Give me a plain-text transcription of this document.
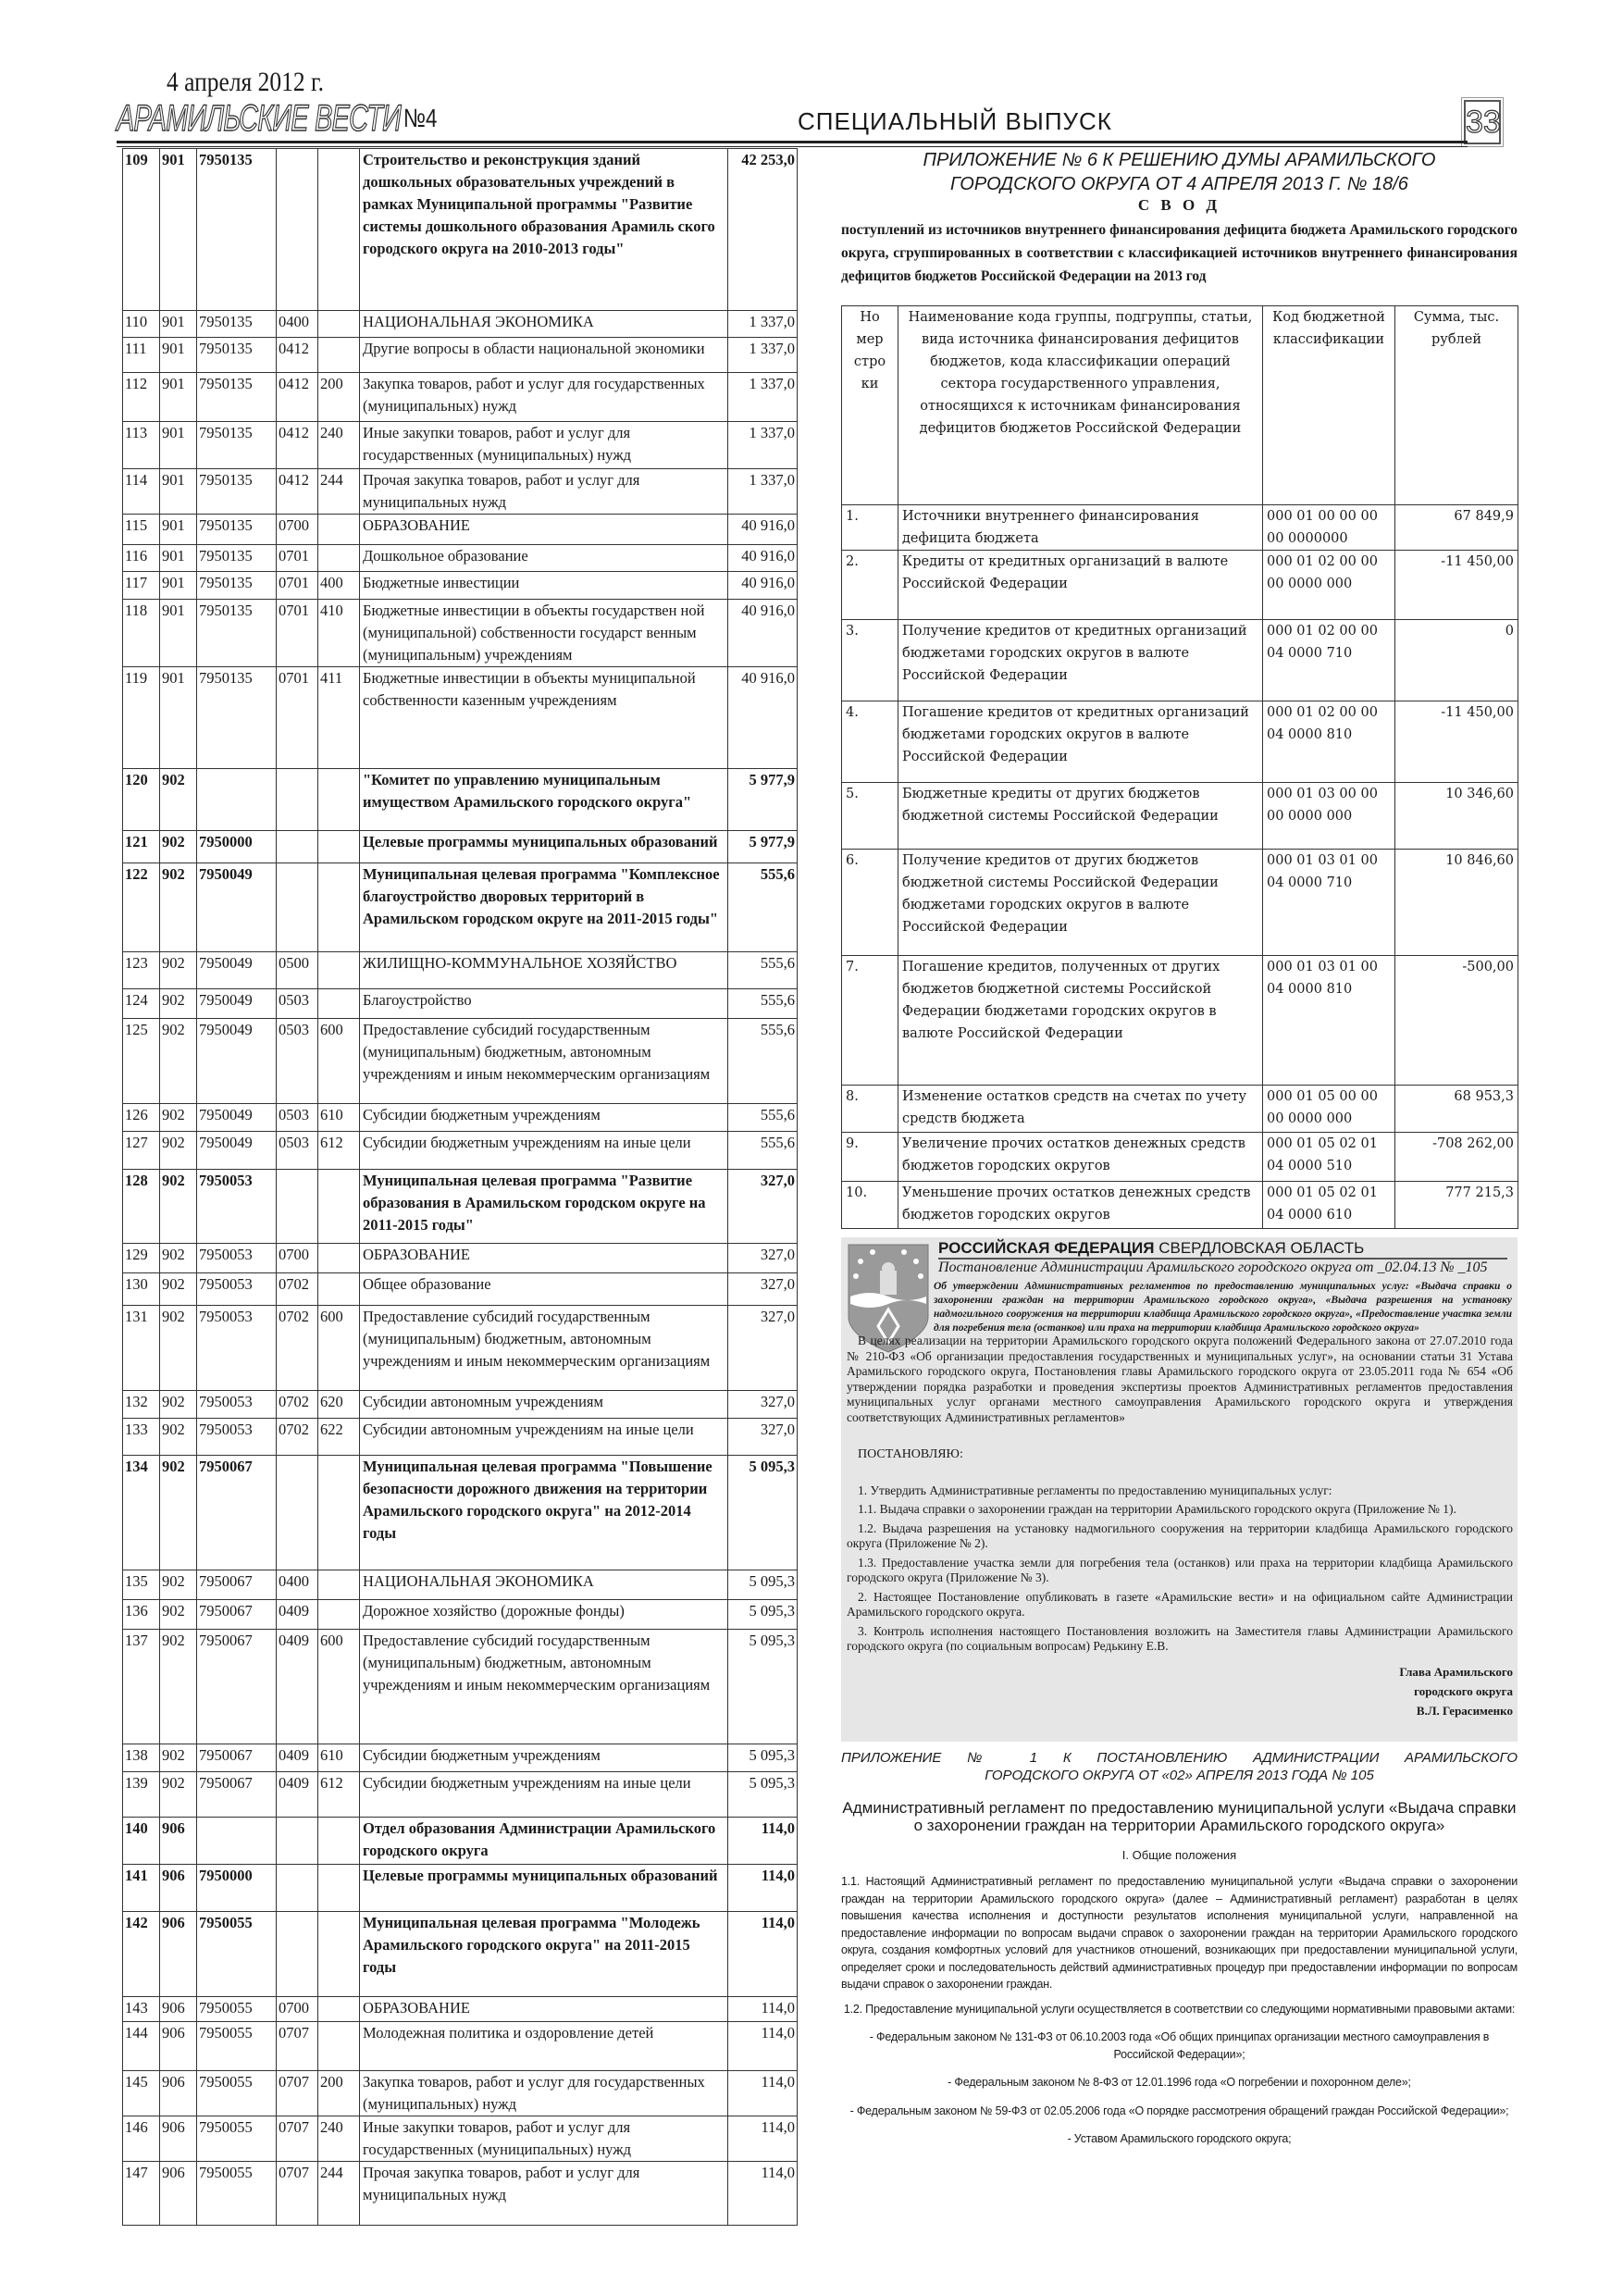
4 апреля 2012 г.
АРАМИЛЬСКИЕ ВЕСТИ №4	СПЕЦИАЛЬНЫЙ ВЫПУСК	33
109	901	7950135			Строительство и реконструкция зданий дошкольных образовательных учреждений в рамках Муниципальной программы "Развитие системы дошкольного образования Арамиль ского городского округа на 2010-2013 годы"	42 253,0
110	901	7950135	0400		НАЦИОНАЛЬНАЯ ЭКОНОМИКА	1 337,0
111	901	7950135	0412		Другие вопросы в области национальной экономики	1 337,0
112	901	7950135	0412	200	Закупка товаров, работ и услуг для государственных (муниципальных) нужд	1 337,0
113	901	7950135	0412	240	Иные закупки товаров, работ и услуг для государственных (муниципальных) нужд	1 337,0
114	901	7950135	0412	244	Прочая закупка товаров, работ и услуг для муниципальных нужд	1 337,0
115	901	7950135	0700		ОБРАЗОВАНИЕ	40 916,0
116	901	7950135	0701		Дошкольное образование	40 916,0
117	901	7950135	0701	400	Бюджетные инвестиции	40 916,0
118	901	7950135	0701	410	Бюджетные инвестиции в объекты государствен ной (муниципальной) собственности государст венным (муниципальным) учреждениям	40 916,0
119	901	7950135	0701	411	Бюджетные инвестиции в объекты муниципальной собственности казенным учреждениям	40 916,0
120	902				"Комитет по управлению муниципальным имуществом Арамильского городского округа"	5 977,9
121	902	7950000			Целевые программы муниципальных образований	5 977,9
122	902	7950049			Муниципальная целевая программа "Комплексное благоустройство дворовых территорий в Арамильском городском округе на 2011-2015 годы"	555,6
123	902	7950049	0500		ЖИЛИЩНО-КОММУНАЛЬНОЕ ХОЗЯЙСТВО	555,6
124	902	7950049	0503		Благоустройство	555,6
125	902	7950049	0503	600	Предоставление субсидий государственным (муниципальным) бюджетным, автономным учреждениям и иным некоммерческим организациям	555,6
126	902	7950049	0503	610	Субсидии бюджетным учреждениям	555,6
127	902	7950049	0503	612	Субсидии бюджетным учреждениям на иные цели	555,6
128	902	7950053			Муниципальная целевая программа "Развитие образования в Арамильском городском округе на 2011-2015 годы"	327,0
129	902	7950053	0700		ОБРАЗОВАНИЕ	327,0
130	902	7950053	0702		Общее образование	327,0
131	902	7950053	0702	600	Предоставление субсидий государственным (муниципальным) бюджетным, автономным учреждениям и иным некоммерческим организациям	327,0
132	902	7950053	0702	620	Субсидии автономным учреждениям	327,0
133	902	7950053	0702	622	Субсидии автономным учреждениям на иные цели	327,0
134	902	7950067			Муниципальная целевая программа "Повышение безопасности дорожного движения на территории Арамильского городского округа" на 2012-2014 годы	5 095,3
135	902	7950067	0400		НАЦИОНАЛЬНАЯ ЭКОНОМИКА	5 095,3
136	902	7950067	0409		Дорожное хозяйство (дорожные фонды)	5 095,3
137	902	7950067	0409	600	Предоставление субсидий государственным (муниципальным) бюджетным, автономным учреждениям и иным некоммерческим организациям	5 095,3
138	902	7950067	0409	610	Субсидии бюджетным учреждениям	5 095,3
139	902	7950067	0409	612	Субсидии бюджетным учреждениям на иные цели	5 095,3
140	906				Отдел образования Администрации Арамильского городского округа	114,0
141	906	7950000			Целевые программы муниципальных образований	114,0
142	906	7950055			Муниципальная целевая программа "Молодежь Арамильского городского округа" на 2011-2015 годы	114,0
143	906	7950055	0700		ОБРАЗОВАНИЕ	114,0
144	906	7950055	0707		Молодежная политика и оздоровление детей	114,0
145	906	7950055	0707	200	Закупка товаров, работ и услуг для государственных (муниципальных) нужд	114,0
146	906	7950055	0707	240	Иные закупки товаров, работ и услуг для государственных (муниципальных) нужд	114,0
147	906	7950055	0707	244	Прочая закупка товаров, работ и услуг для муниципальных нужд	114,0
ПРИЛОЖЕНИЕ № 6 К РЕШЕНИЮ ДУМЫ АРАМИЛЬСКОГО
ГОРОДСКОГО ОКРУГА ОТ 4 АПРЕЛЯ 2013 Г. № 18/6
С В О Д
поступлений из источников внутреннего финансирования дефицита бюджета Арамильского городского округа, сгруппированных в соответствии с классификацией источников внутреннего финансирования дефицитов бюджетов Российской Федерации на 2013 год
Но мер стро ки	Наименование кода группы, подгруппы, статьи, вида источника финансирования дефицитов бюджетов, кода классификации операций сектора государственного управления, относящихся к источникам финансирования дефицитов бюджетов Российской Федерации	Код бюджетной классификации	Сумма, тыс. рублей
1.	Источники внутреннего финансирования дефицита бюджета	000 01 00 00 00 00 0000000	67 849,9
2.	Кредиты от кредитных организаций в валюте Российской Федерации	000 01 02 00 00 00 0000 000	-11 450,00
3.	Получение кредитов от кредитных организаций бюджетами городских округов в валюте Российской Федерации	000 01 02 00 00 04 0000 710	0
4.	Погашение кредитов от кредитных организаций бюджетами городских округов в валюте Российской Федерации	000 01 02 00 00 04 0000 810	-11 450,00
5.	Бюджетные кредиты от других бюджетов бюджетной системы Российской Федерации	000 01 03 00 00 00 0000 000	10 346,60
6.	Получение кредитов от других бюджетов бюджетной системы Российской Федерации бюджетами городских округов в валюте Российской Федерации	000 01 03 01 00 04 0000 710	10 846,60
7.	Погашение кредитов, полученных от других бюджетов бюджетной системы Российской Федерации бюджетами городских округов в валюте Российской Федерации	000 01 03 01 00 04 0000 810	-500,00
8.	Изменение остатков средств на счетах по учету средств бюджета	000 01 05 00 00 00 0000 000	68 953,3
9.	Увеличение прочих остатков денежных средств бюджетов городских округов	000 01 05 02 01 04 0000 510	-708 262,00
10.	Уменьшение прочих остатков денежных средств бюджетов городских округов	000 01 05 02 01 04 0000 610	777 215,3
РОССИЙСКАЯ ФЕДЕРАЦИЯ СВЕРДЛОВСКАЯ ОБЛАСТЬ
Постановление Администрации Арамильского городского округа от _02.04.13 № _105
Об утверждении Административных регламентов по предоставлению муниципальных услуг: «Выдача справки о захоронении граждан на территории Арамильского городского округа», «Выдача разрешения на установку надмогильного сооружения на территории кладбища Арамильского городского округа», «Предоставление участка земли для погребения тела (останков) или праха на территории кладбища Арамильского городского округа»

В целях реализации на территории Арамильского городского округа положений Федерального закона от 27.07.2010 года № 210-ФЗ «Об организации предоставления государственных и муниципальных услуг», на основании статьи 31 Устава Арамильского городского округа, Постановления главы Арамильского городского округа от 23.05.2011 года № 654 «Об утверждении порядка разработки и проведения экспертизы проектов Административных регламентов предоставления муниципальных услуг органами местного самоуправления Арамильского городского округа и утверждения соответствующих Административных регламентов»

ПОСТАНОВЛЯЮ:

1. Утвердить Административные регламенты по предоставлению муниципальных услуг:

1.1. Выдача справки о захоронении граждан на территории Арамильского городского округа (Приложение № 1).

1.2. Выдача разрешения на установку надмогильного сооружения на территории кладбища Арамильского городского округа (Приложение № 2).

1.3. Предоставление участка земли для погребения тела (останков) или праха на территории кладбища Арамильского городского округа (Приложение № 3).

2. Настоящее Постановление опубликовать в газете «Арамильские вести» и на официальном сайте Администрации Арамильского городского округа.

3. Контроль исполнения настоящего Постановления возложить на Заместителя главы Администрации Арамильского городского округа (по социальным вопросам) Редькину Е.В.

Глава Арамильского
городского округа
В.Л. Герасименко
ПРИЛОЖЕНИЕ № 1 К ПОСТАНОВЛЕНИЮ АДМИНИСТРАЦИИ АРАМИЛЬСКОГО
ГОРОДСКОГО ОКРУГА ОТ «02» АПРЕЛЯ 2013 ГОДА № 105
Административный регламент по предоставлению муниципальной услуги «Выдача справки о захоронении граждан на территории Арамильского городского округа»
I. Общие положения

1.1. Настоящий Административный регламент по предоставлению муниципальной услуги «Выдача справки о захоронении граждан на территории Арамильского городского округа» (далее – Административный регламент) разработан в целях повышения качества исполнения и доступности результатов исполнения муниципальной услуги, направленной на предоставление информации по вопросам выдачи справок о захоронении граждан на территории Арамильского городского округа, создания комфортных условий для участников отношений, возникающих при предоставлении муниципальной услуги, определяет сроки и последовательность действий административных процедур при предоставлении информации по вопросам выдачи справок о захоронении граждан.

1.2. Предоставление муниципальной услуги осуществляется в соответствии со следующими нормативными правовыми актами:

- Федеральным законом № 131-ФЗ от 06.10.2003 года «Об общих принципах организации местного самоуправления в Российской Федерации»;

- Федеральным законом № 8-ФЗ от 12.01.1996 года «О погребении и похоронном деле»;

- Федеральным законом № 59-ФЗ от 02.05.2006 года «О порядке рассмотрения обращений граждан Российской Федерации»;

- Уставом Арамильского городского округа;
